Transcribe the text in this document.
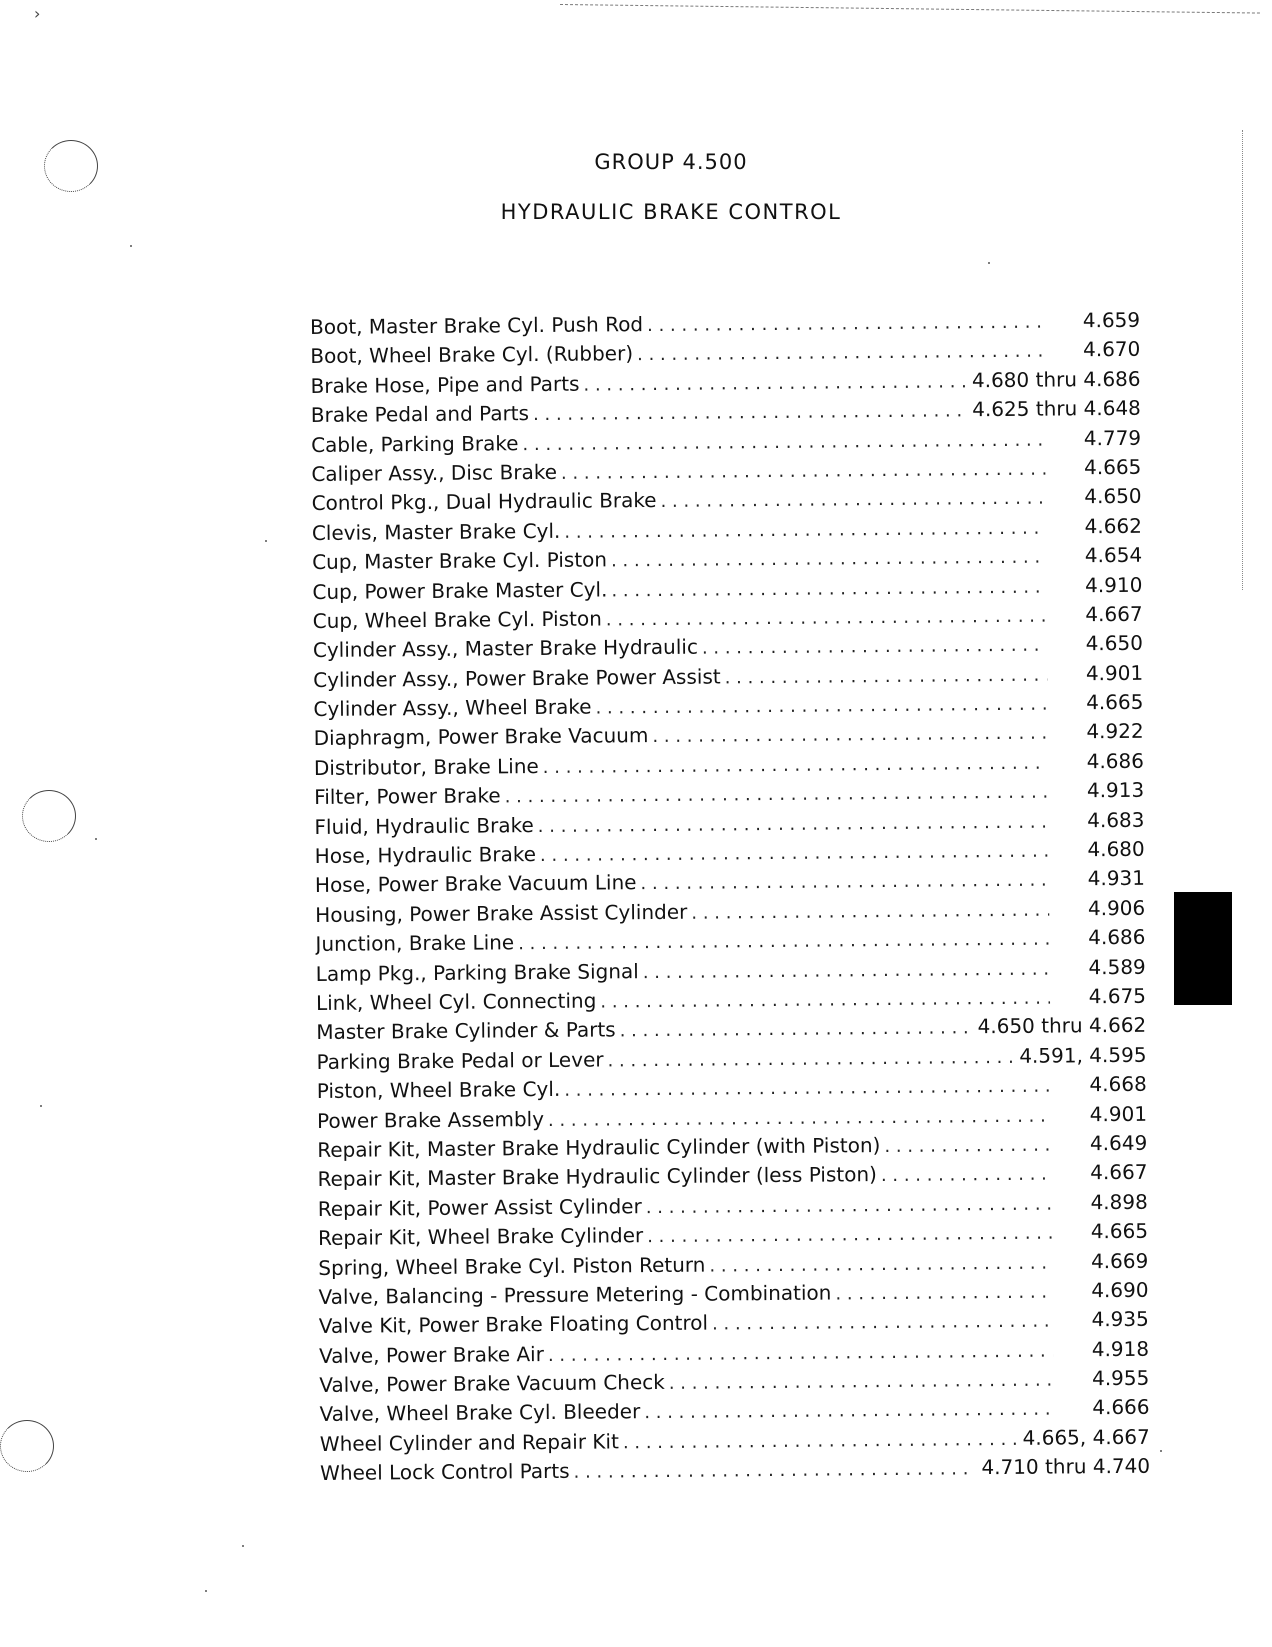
›
GROUP 4.500
HYDRAULIC BRAKE CONTROL
Boot, Master Brake Cyl. Push Rod . . .	4.659
Boot, Wheel Brake Cyl. (Rubber) . . .	4.670
Brake Hose, Pipe and Parts . . .	4.680 thru 4.686
Brake Pedal and Parts . . .	4.625 thru 4.648
Cable, Parking Brake . . .	4.779
Caliper Assy., Disc Brake . . .	4.665
Control Pkg., Dual Hydraulic Brake . . .	4.650
Clevis, Master Brake Cyl. . . .	4.662
Cup, Master Brake Cyl. Piston . . .	4.654
Cup, Power Brake Master Cyl. . . .	4.910
Cup, Wheel Brake Cyl. Piston . . .	4.667
Cylinder Assy., Master Brake Hydraulic . . .	4.650
Cylinder Assy., Power Brake Power Assist . . .	4.901
Cylinder Assy., Wheel Brake . . .	4.665
Diaphragm, Power Brake Vacuum . . .	4.922
Distributor, Brake Line . . .	4.686
Filter, Power Brake . . .	4.913
Fluid, Hydraulic Brake . . .	4.683
Hose, Hydraulic Brake . . .	4.680
Hose, Power Brake Vacuum Line . . .	4.931
Housing, Power Brake Assist Cylinder . . .	4.906
Junction, Brake Line . . .	4.686
Lamp Pkg., Parking Brake Signal . . .	4.589
Link, Wheel Cyl. Connecting . . .	4.675
Master Brake Cylinder & Parts . . .	4.650 thru 4.662
Parking Brake Pedal or Lever . . .	4.591, 4.595
Piston, Wheel Brake Cyl. . . .	4.668
Power Brake Assembly . . .	4.901
Repair Kit, Master Brake Hydraulic Cylinder (with Piston) . . .	4.649
Repair Kit, Master Brake Hydraulic Cylinder (less Piston) . . .	4.667
Repair Kit, Power Assist Cylinder . . .	4.898
Repair Kit, Wheel Brake Cylinder . . .	4.665
Spring, Wheel Brake Cyl. Piston Return . . .	4.669
Valve, Balancing - Pressure Metering - Combination . . .	4.690
Valve Kit, Power Brake Floating Control . . .	4.935
Valve, Power Brake Air . . .	4.918
Valve, Power Brake Vacuum Check . . .	4.955
Valve, Wheel Brake Cyl. Bleeder . . .	4.666
Wheel Cylinder and Repair Kit . . .	4.665, 4.667
Wheel Lock Control Parts . . .	4.710 thru 4.740
